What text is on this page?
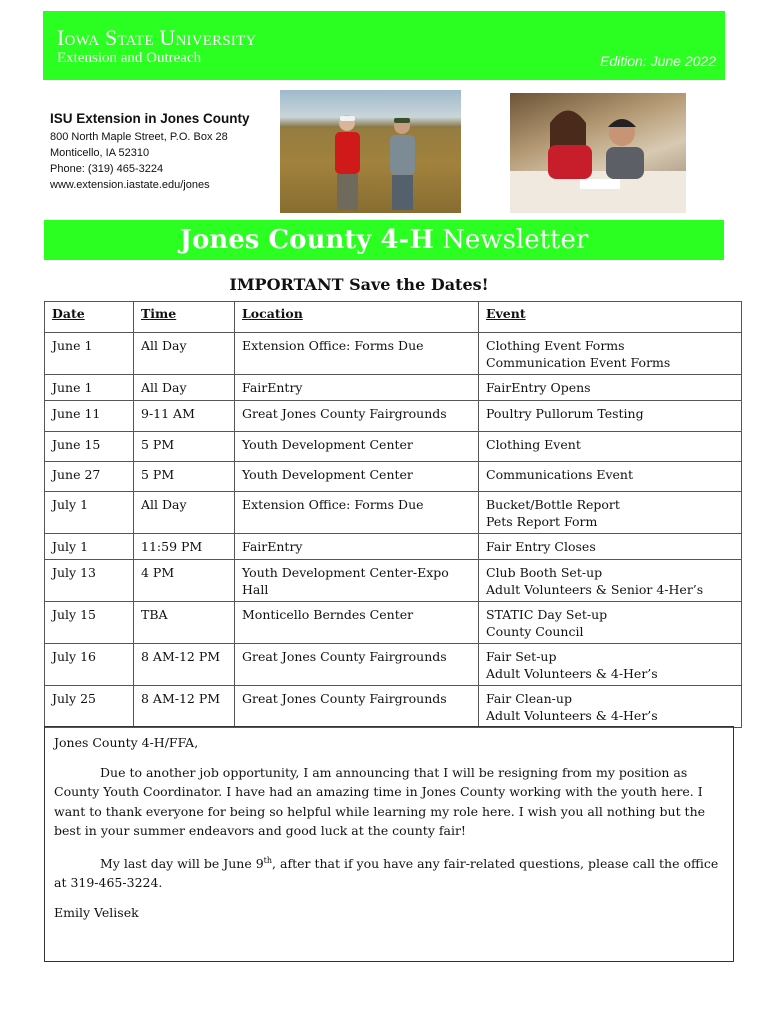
Iowa State University
Extension and Outreach	Edition: June 2022
ISU Extension in Jones County
800 North Maple Street, P.O. Box 28
Monticello, IA 52310
Phone: (319) 465-3224
www.extension.iastate.edu/jones
Jones County 4-H Newsletter
IMPORTANT Save the Dates!
Date	Time	Location	Event
June 1	All Day	Extension Office: Forms Due	Clothing Event Forms
Communication Event Forms

June 1	All Day	FairEntry	FairEntry Opens

June 11	9-11 AM	Great Jones County Fairgrounds	Poultry Pullorum Testing

June 15	5 PM	Youth Development Center	Clothing Event

June 27	5 PM	Youth Development Center	Communications Event

July 1	All Day	Extension Office: Forms Due	Bucket/Bottle Report
Pets Report Form

July 1	11:59 PM	FairEntry	Fair Entry Closes

July 13	4 PM	Youth Development Center-Expo Hall	Club Booth Set-up
Adult Volunteers & Senior 4-Her’s

July 15	TBA	Monticello Berndes Center	STATIC Day Set-up
County Council

July 16	8 AM-12 PM	Great Jones County Fairgrounds	Fair Set-up
Adult Volunteers & 4-Her’s

July 25	8 AM-12 PM	Great Jones County Fairgrounds	Fair Clean-up
Adult Volunteers & 4-Her’s

Jones County 4-H/FFA,

Due to another job opportunity, I am announcing that I will be resigning from my position as County Youth Coordinator. I have had an amazing time in Jones County working with the youth here. I want to thank everyone for being so helpful while learning my role here. I wish you all nothing but the best in your summer endeavors and good luck at the county fair!

My last day will be June 9th, after that if you have any fair-related questions, please call the office at 319-465-3224.

Emily Velisek
